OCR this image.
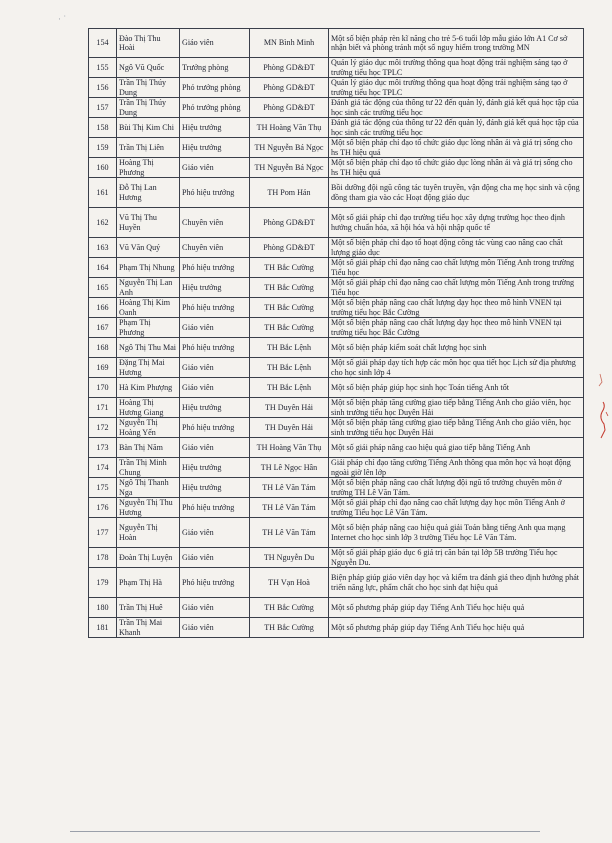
· ˙
154	Đào Thị Thu Hoài	Giáo viên	MN Bình Minh	Một số biện pháp rèn kĩ năng cho trẻ 5-6 tuổi lớp mẫu giáo lớn A1 Cơ sở nhận biết và phòng tránh một số nguy hiểm trong trường MN
155	Ngô Vũ Quốc	Trưởng phòng	Phòng GD&ĐT	Quản lý giáo dục môi trường thông qua hoạt động trải nghiệm sáng tạo ở trường tiểu học TPLC
156	Trần Thị Thúy Dung	Phó trưởng phòng	Phòng GD&ĐT	Quản lý giáo dục môi trường thông qua hoạt động trải nghiệm sáng tạo ở trường tiểu học TPLC
157	Trần Thị Thúy Dung	Phó trưởng phòng	Phòng GD&ĐT	Đánh giá tác động của thông tư 22 đến quản lý, đánh giá kết quả học tập của học sinh các trường tiểu học
158	Bùi Thị Kim Chi	Hiệu trưởng	TH Hoàng Văn Thụ	Đánh giá tác động của thông tư 22 đến quản lý, đánh giá kết quả học tập của học sinh các trường tiểu học
159	Trần Thị Liên	Hiệu trưởng	TH Nguyễn Bá Ngọc	Một số biện pháp chỉ đạo tổ chức giáo dục lòng nhân ái và giá trị sống cho hs TH hiệu quả
160	Hoàng Thị Phương	Giáo viên	TH Nguyễn Bá Ngọc	Một số biện pháp chỉ đạo tổ chức giáo dục lòng nhân ái và giá trị sống cho hs TH hiệu quả
161	Đỗ Thị Lan Hương	Phó hiệu trưởng	TH Pom Hán	Bồi dưỡng đội ngũ công tác tuyên truyền, vận động cha mẹ học sinh và cộng đồng tham gia vào các Hoạt động giáo dục
162	Vũ Thị Thu Huyền	Chuyên viên	Phòng GD&ĐT	Một số giải pháp chỉ đạo trường tiểu học xây dựng trường học theo định hướng chuẩn hóa, xã hội hóa và hội nhập quốc tế
163	Vũ Văn Quý	Chuyên viên	Phòng GD&ĐT	Một số biện pháp chỉ đạo tổ hoạt động công tác vùng cao nâng cao chất lượng giáo dục
164	Phạm Thị Nhung	Phó hiệu trưởng	TH Bắc Cường	Một số giải pháp chỉ đạo nâng cao chất lượng môn Tiếng Anh trong trường Tiểu học
165	Nguyễn Thị Lan Anh	Hiệu trưởng	TH Bắc Cường	Một số giải pháp chỉ đạo nâng cao chất lượng môn Tiếng Anh trong trường Tiểu học
166	Hoàng Thị Kim Oanh	Phó hiệu trưởng	TH Bắc Cường	Một số biện pháp nâng cao chất lượng dạy học theo mô hình VNEN tại trường tiểu học Bắc Cường
167	Phạm Thị Phương	Giáo viên	TH Bắc Cường	Một số biện pháp nâng cao chất lượng dạy học theo mô hình VNEN tại trường tiểu học Bắc Cường
168	Ngô Thị Thu Mai	Phó hiệu trưởng	TH Bắc Lệnh	Một số biện pháp kiểm soát chất lượng học sinh
169	Đặng Thị Mai Hương	Giáo viên	TH Bắc Lệnh	Một số giải pháp dạy tích hợp các môn học qua tiết học Lịch sử địa phương cho học sinh lớp 4
170	Hà Kim Phượng	Giáo viên	TH Bắc Lệnh	Một số biện pháp giúp học sinh học Toán tiếng Anh tốt
171	Hoàng Thị Hương Giang	Hiệu trưởng	TH Duyên Hải	Một số biện pháp tăng cường giao tiếp bằng Tiếng Anh cho giáo viên, học sinh trường tiểu học Duyên Hải
172	Nguyễn Thị Hoàng Yến	Phó hiệu trưởng	TH Duyên Hải	Một số biện pháp tăng cường giao tiếp bằng Tiếng Anh cho giáo viên, học sinh trường tiểu học Duyên Hải
173	Bàn Thị Năm	Giáo viên	TH Hoàng Văn Thụ	Một số giải pháp nâng cao hiệu quả giao tiếp bằng Tiếng Anh
174	Trần Thị Minh Chung	Hiệu trưởng	TH Lê Ngọc Hân	Giải pháp chỉ đạo tăng cường Tiếng Anh thông qua môn học và hoạt động ngoài giờ lên lớp
175	Ngô Thị Thanh Nga	Hiệu trưởng	TH Lê Văn Tám	Một số biện pháp nâng cao chất lượng đội ngũ tổ trưởng chuyên môn ở trường TH Lê Văn Tám.
176	Nguyễn Thị Thu Hương	Phó hiệu trưởng	TH Lê Văn Tám	Một số giải pháp chỉ đạo nâng cao chất lượng dạy học môn Tiếng Anh ở trường Tiểu học Lê Văn Tám.
177	Nguyễn Thị Hoàn	Giáo viên	TH Lê Văn Tám	Một số biện pháp nâng cao hiệu quả giải Toán bằng tiếng Anh qua mạng Internet cho học sinh lớp 3 trường Tiểu học Lê Văn Tám.
178	Đoàn Thị Luyện	Giáo viên	TH Nguyễn Du	Một số giải pháp giáo dục 6 giá trị căn bản tại lớp 5B trường Tiểu học Nguyễn Du.
179	Phạm Thị Hà	Phó hiệu trưởng	TH Vạn Hoà	Biện pháp giúp giáo viên dạy học và kiểm tra đánh giá theo định hướng phát triển năng lực, phẩm chất cho học sinh đạt hiệu quả
180	Trần Thị Huê	Giáo viên	TH Bắc Cường	Một số phương pháp giúp dạy Tiếng Anh Tiểu học hiệu quả
181	Trần Thị Mai Khanh	Giáo viên	TH Bắc Cường	Một số phương pháp giúp dạy Tiếng Anh Tiểu học hiệu quả
